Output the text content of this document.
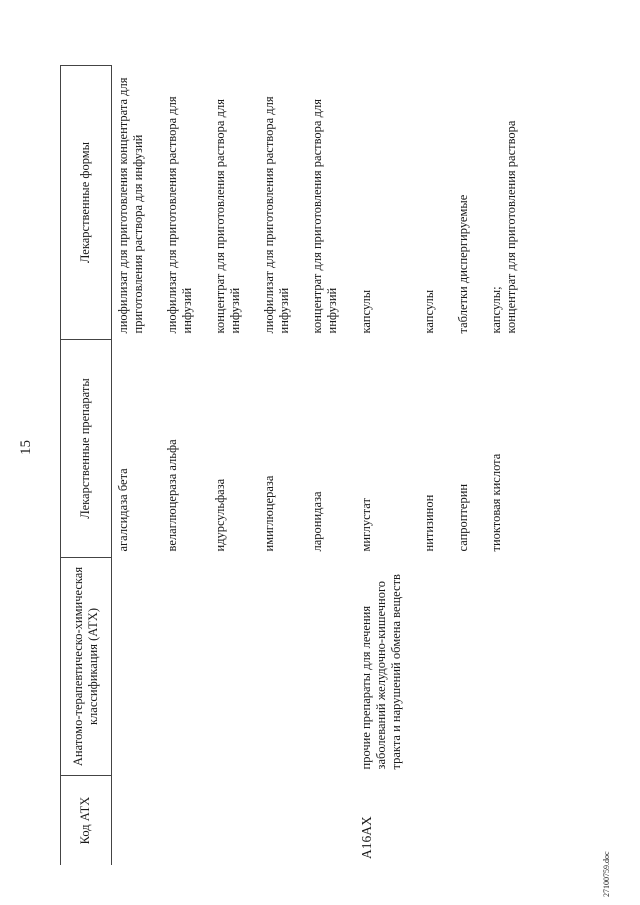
15
Код АТХ	Анатомо-терапевтическо-химическая классификация (АТХ)	Лекарственные препараты	Лекарственные формы
		агалсидаза бета	лиофилизат для приготовления концентрата для приготовления раствора для инфузий
		велаглюцераза альфа	лиофилизат для приготовления раствора для инфузий
		идурсульфаза	концентрат для приготовления раствора для инфузий
		имиглюцераза	лиофилизат для приготовления раствора для инфузий
		ларонидаза	концентрат для приготовления раствора для инфузий
A16AX	прочие препараты для лечения заболеваний желудочно-кишечного тракта и нарушений обмена веществ	миглустат	капсулы
		нитизинон	капсулы
		сапроптерин	таблетки диспергируемые
		тиоктовая кислота	капсулы;
концентрат для приготовления раствора
27100759.doc
